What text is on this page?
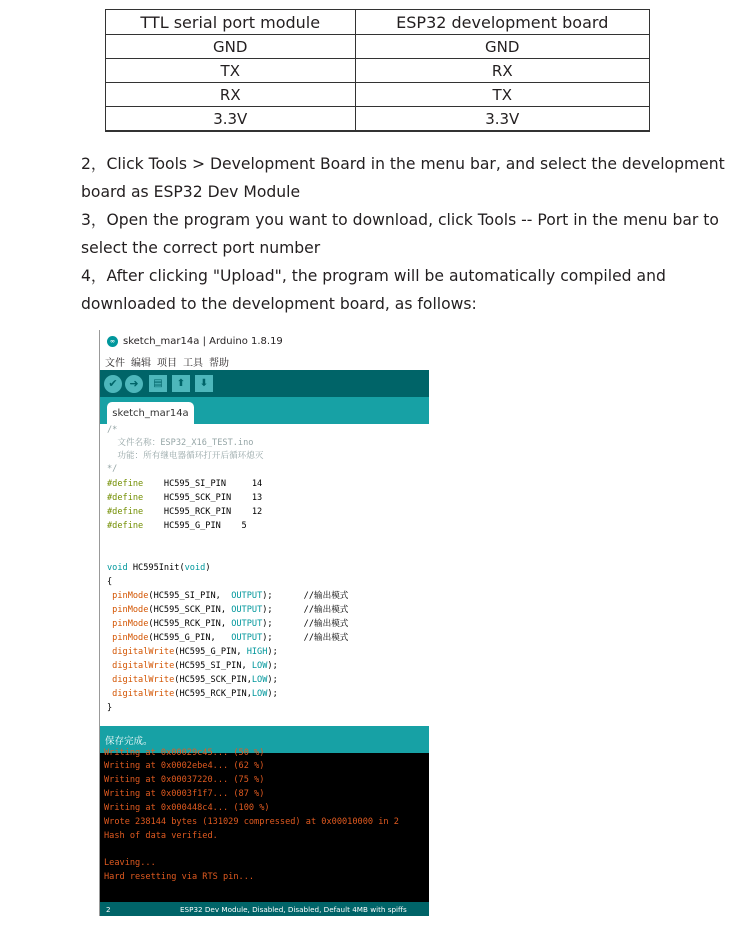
TTL serial port module	ESP32 development board
GND	GND
TX	RX
RX	TX
3.3V	3.3V

2，Click Tools > Development Board in the menu bar, and select the development board as ESP32 Dev Module

3，Open the program you want to download, click Tools -- Port in the menu bar to select the correct port number

4，After clicking "Upload", the program will be automatically compiled and downloaded to the development board, as follows:

∞ sketch_mar14a | Arduino 1.8.19
文件 编辑 项目 工具 帮助
✔ ➜ ▤ ⬆ ⬇
sketch_mar14a
/*
文件名称：ESP32_X16_TEST.ino
功能：所有继电器循环打开后循环熄灭
*/
#define    HC595_SI_PIN     14
#define    HC595_SCK_PIN    13
#define    HC595_RCK_PIN    12
#define    HC595_G_PIN    5
void HC595Init(void)
{
pinMode(HC595_SI_PIN,  OUTPUT);      //输出模式
pinMode(HC595_SCK_PIN, OUTPUT);      //输出模式
pinMode(HC595_RCK_PIN, OUTPUT);      //输出模式
pinMode(HC595_G_PIN,   OUTPUT);      //输出模式
digitalWrite(HC595_G_PIN, HIGH);
digitalWrite(HC595_SI_PIN, LOW);
digitalWrite(HC595_SCK_PIN,LOW);
digitalWrite(HC595_RCK_PIN,LOW);
}
保存完成。
Writing at 0x00029c45... (50 %)
Writing at 0x0002ebe4... (62 %)
Writing at 0x00037220... (75 %)
Writing at 0x0003f1f7... (87 %)
Writing at 0x000448c4... (100 %)
Wrote 238144 bytes (131029 compressed) at 0x00010000 in 2
Hash of data verified.
Leaving...
Hard resetting via RTS pin...
2	ESP32 Dev Module, Disabled, Disabled, Default 4MB with spiffs
